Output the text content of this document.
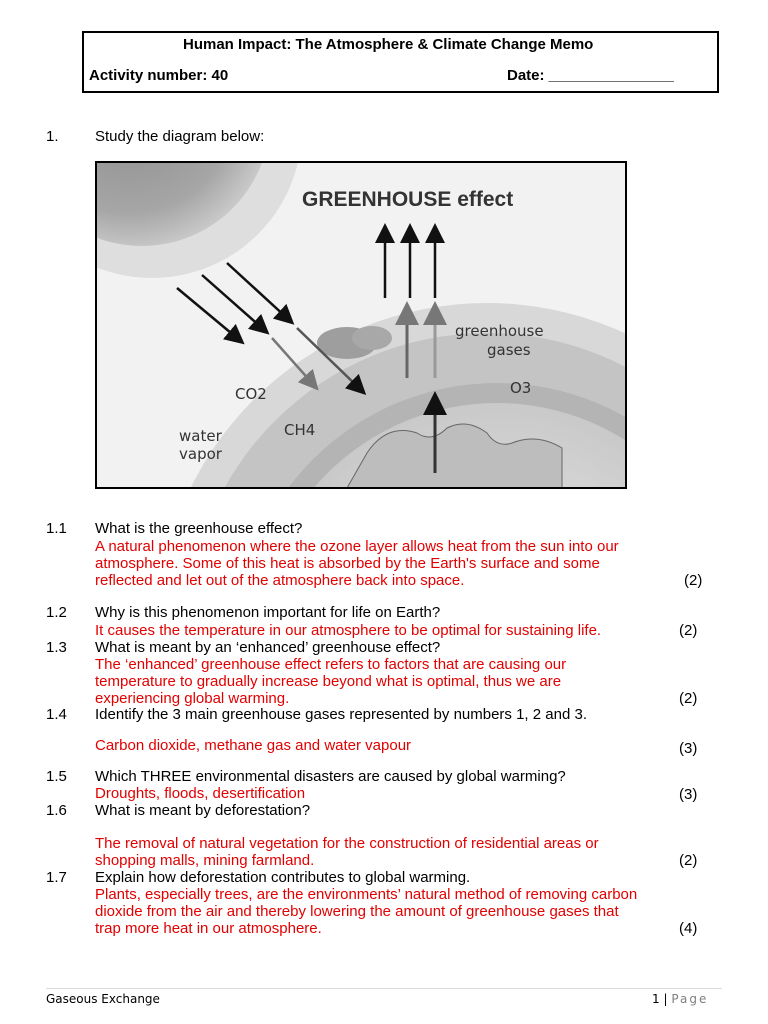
Human Impact: The Atmosphere & Climate Change Memo
Activity number: 40	Date: _______________
1. Study the diagram below:
GREENHOUSE effect
greenhouse
gases
CO2	O3
CH4
water
vapor
1.1 What is the greenhouse effect?
A natural phenomenon where the ozone layer allows heat from the sun into our
atmosphere. Some of this heat is absorbed by the Earth's surface and some
reflected and let out of the atmosphere back into space.	(2)
1.2 Why is this phenomenon important for life on Earth?
It causes the temperature in our atmosphere to be optimal for sustaining life.	(2)
1.3 What is meant by an ‘enhanced’ greenhouse effect?
The ‘enhanced’ greenhouse effect refers to factors that are causing our
temperature to gradually increase beyond what is optimal, thus we are
experiencing global warming.	(2)
1.4 Identify the 3 main greenhouse gases represented by numbers 1, 2 and 3.
Carbon dioxide, methane gas and water vapour	(3)
1.5 Which THREE environmental disasters are caused by global warming?
Droughts, floods, desertification	(3)
1.6 What is meant by deforestation?
The removal of natural vegetation for the construction of residential areas or
shopping malls, mining farmland.	(2)
1.7 Explain how deforestation contributes to global warming.
Plants, especially trees, are the environments’ natural method of removing carbon
dioxide from the air and thereby lowering the amount of greenhouse gases that
trap more heat in our atmosphere.	(4)
Gaseous Exchange	1 | Page
